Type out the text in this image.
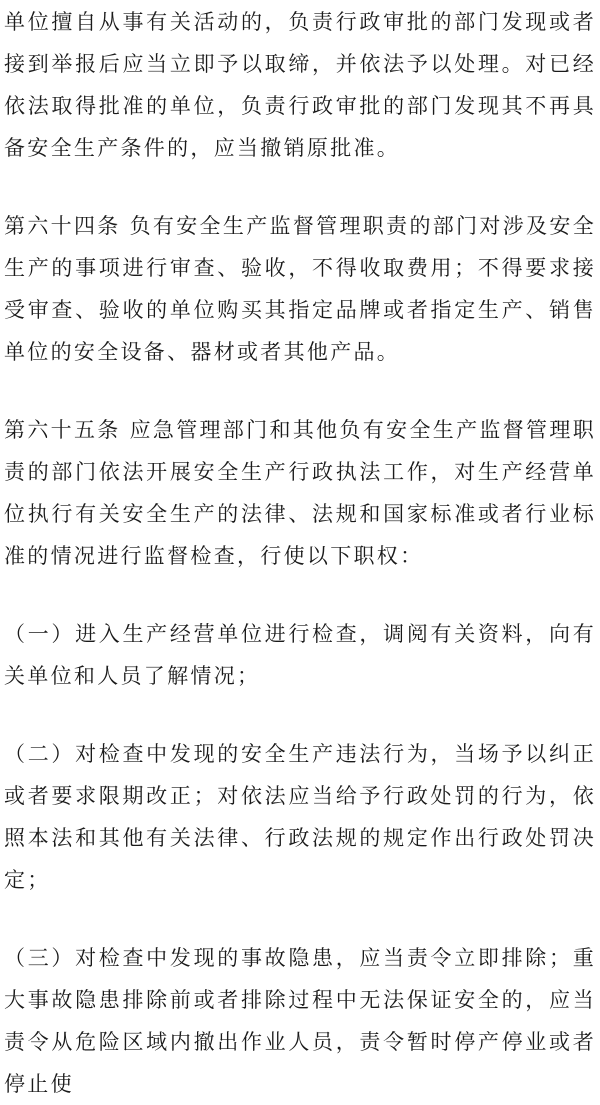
单位擅自从事有关活动的，负责行政审批的部门发现或者接到举报后应当立即予以取缔，并依法予以处理。对已经依法取得批准的单位，负责行政审批的部门发现其不再具备安全生产条件的，应当撤销原批准。

第六十四条 负有安全生产监督管理职责的部门对涉及安全生产的事项进行审查、验收，不得收取费用；不得要求接受审查、验收的单位购买其指定品牌或者指定生产、销售单位的安全设备、器材或者其他产品。

第六十五条 应急管理部门和其他负有安全生产监督管理职责的部门依法开展安全生产行政执法工作，对生产经营单位执行有关安全生产的法律、法规和国家标准或者行业标准的情况进行监督检查，行使以下职权：

（一）进入生产经营单位进行检查，调阅有关资料，向有关单位和人员了解情况；

（二）对检查中发现的安全生产违法行为，当场予以纠正或者要求限期改正；对依法应当给予行政处罚的行为，依照本法和其他有关法律、行政法规的规定作出行政处罚决定；

（三）对检查中发现的事故隐患，应当责令立即排除；重大事故隐患排除前或者排除过程中无法保证安全的，应当责令从危险区域内撤出作业人员，责令暂时停产停业或者停止使
